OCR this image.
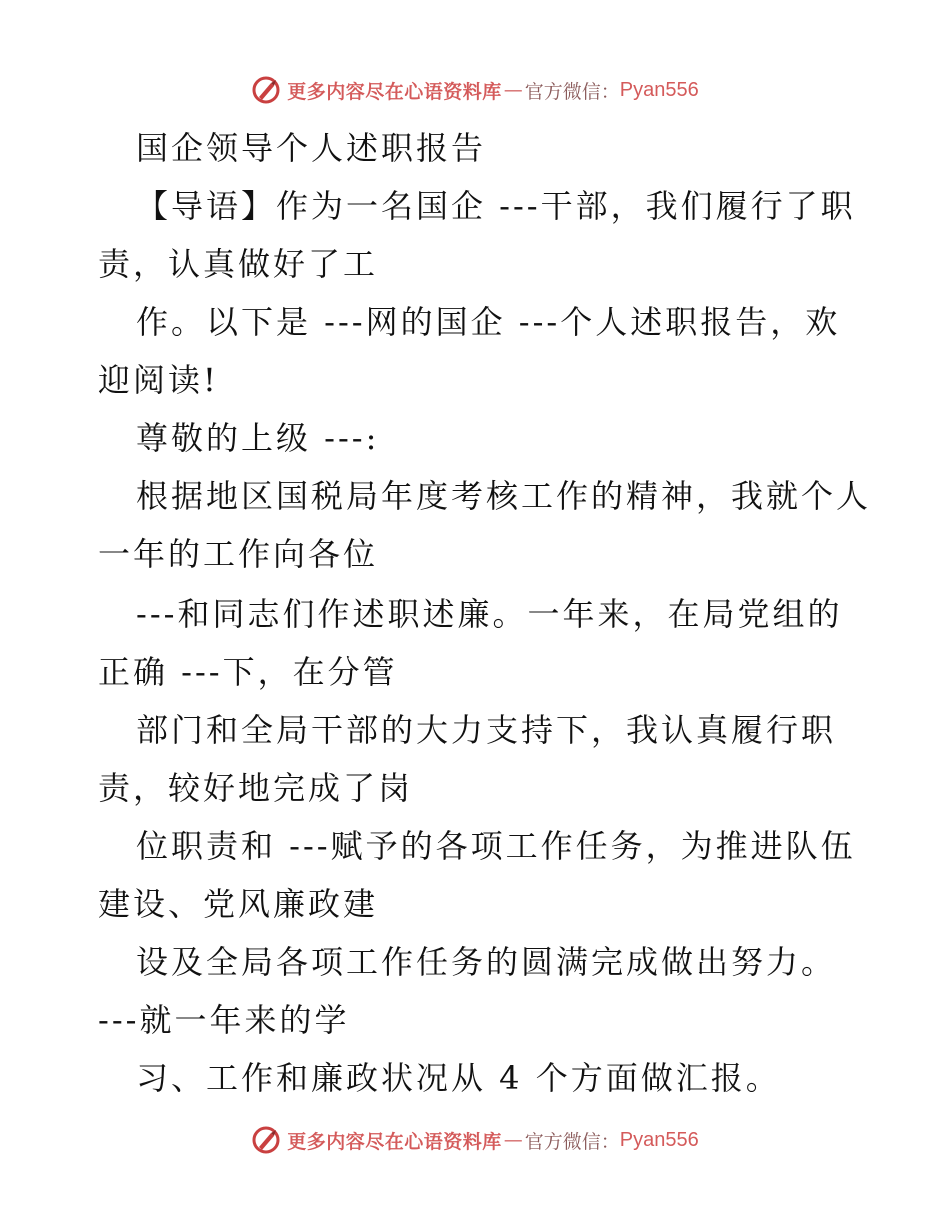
更多内容尽在心语资料库 — 官方微信： Pyan556
国企领导个人述职报告
【导语】作为一名国企 ---干部，我们履行了职
责，认真做好了工
作。以下是 ---网的国企 ---个人述职报告，欢
迎阅读!
尊敬的上级 ---:
根据地区国税局年度考核工作的精神，我就个人
一年的工作向各位
---和同志们作述职述廉。一年来，在局党组的
正确 ---下，在分管
部门和全局干部的大力支持下，我认真履行职
责，较好地完成了岗
位职责和 ---赋予的各项工作任务，为推进队伍
建设、党风廉政建
设及全局各项工作任务的圆满完成做出努力。
---就一年来的学
习、工作和廉政状况从 4 个方面做汇报。
更多内容尽在心语资料库 — 官方微信： Pyan556
